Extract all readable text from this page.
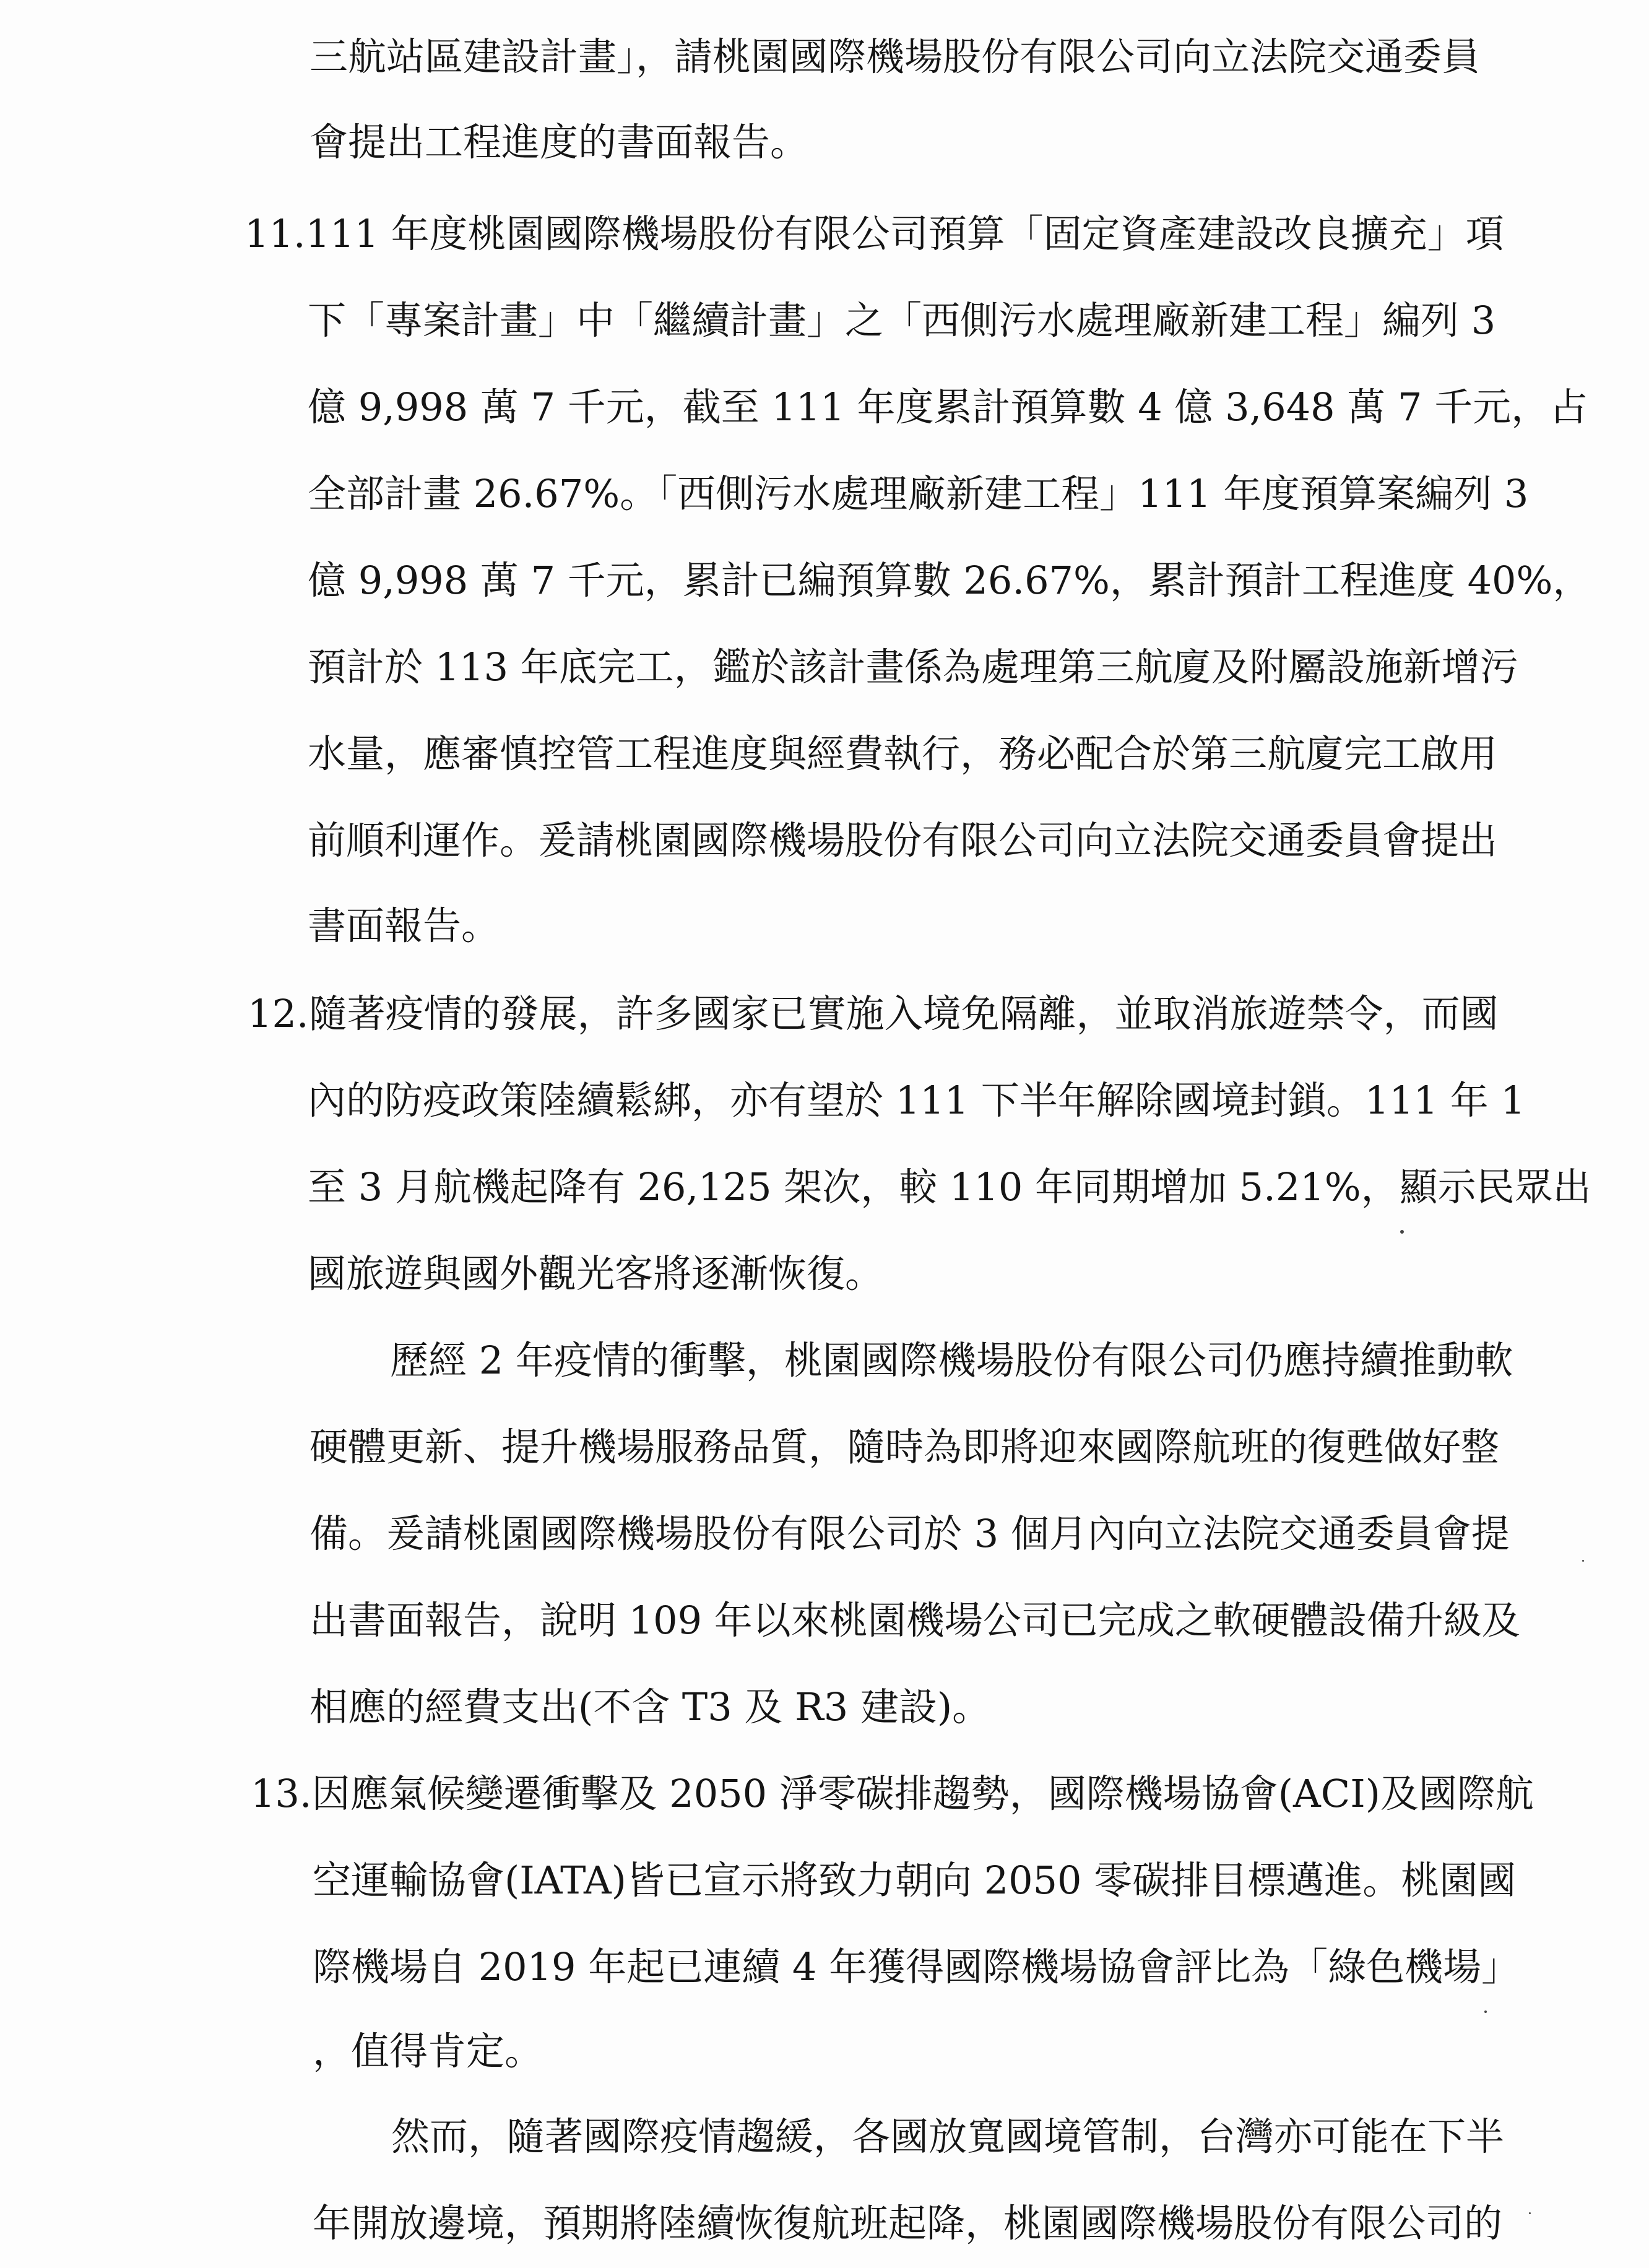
三航站區建設計畫」，請桃園國際機場股份有限公司向立法院交通委員
會提出工程進度的書面報告。
11.111 年度桃園國際機場股份有限公司預算「固定資產建設改良擴充」項
下「專案計畫」中「繼續計畫」之「西側污水處理廠新建工程」編列 3
億 9,998 萬 7 千元，截至 111 年度累計預算數 4 億 3,648 萬 7 千元，占
全部計畫 26.67%。「西側污水處理廠新建工程」111 年度預算案編列 3
億 9,998 萬 7 千元，累計已編預算數 26.67%，累計預計工程進度 40%，
預計於 113 年底完工，鑑於該計畫係為處理第三航廈及附屬設施新增污
水量，應審慎控管工程進度與經費執行，務必配合於第三航廈完工啟用
前順利運作。爰請桃園國際機場股份有限公司向立法院交通委員會提出
書面報告。
12.隨著疫情的發展，許多國家已實施入境免隔離，並取消旅遊禁令，而國
內的防疫政策陸續鬆綁，亦有望於 111 下半年解除國境封鎖。111 年 1
至 3 月航機起降有 26,125 架次，較 110 年同期增加 5.21%，顯示民眾出
國旅遊與國外觀光客將逐漸恢復。
歷經 2 年疫情的衝擊，桃園國際機場股份有限公司仍應持續推動軟
硬體更新、提升機場服務品質，隨時為即將迎來國際航班的復甦做好整
備。爰請桃園國際機場股份有限公司於 3 個月內向立法院交通委員會提
出書面報告，說明 109 年以來桃園機場公司已完成之軟硬體設備升級及
相應的經費支出(不含 T3 及 R3 建設)。
13.因應氣候變遷衝擊及 2050 淨零碳排趨勢，國際機場協會(ACI)及國際航
空運輸協會(IATA)皆已宣示將致力朝向 2050 零碳排目標邁進。桃園國
際機場自 2019 年起已連續 4 年獲得國際機場協會評比為「綠色機場」
，值得肯定。
然而，隨著國際疫情趨緩，各國放寬國境管制，台灣亦可能在下半
年開放邊境，預期將陸續恢復航班起降，桃園國際機場股份有限公司的
